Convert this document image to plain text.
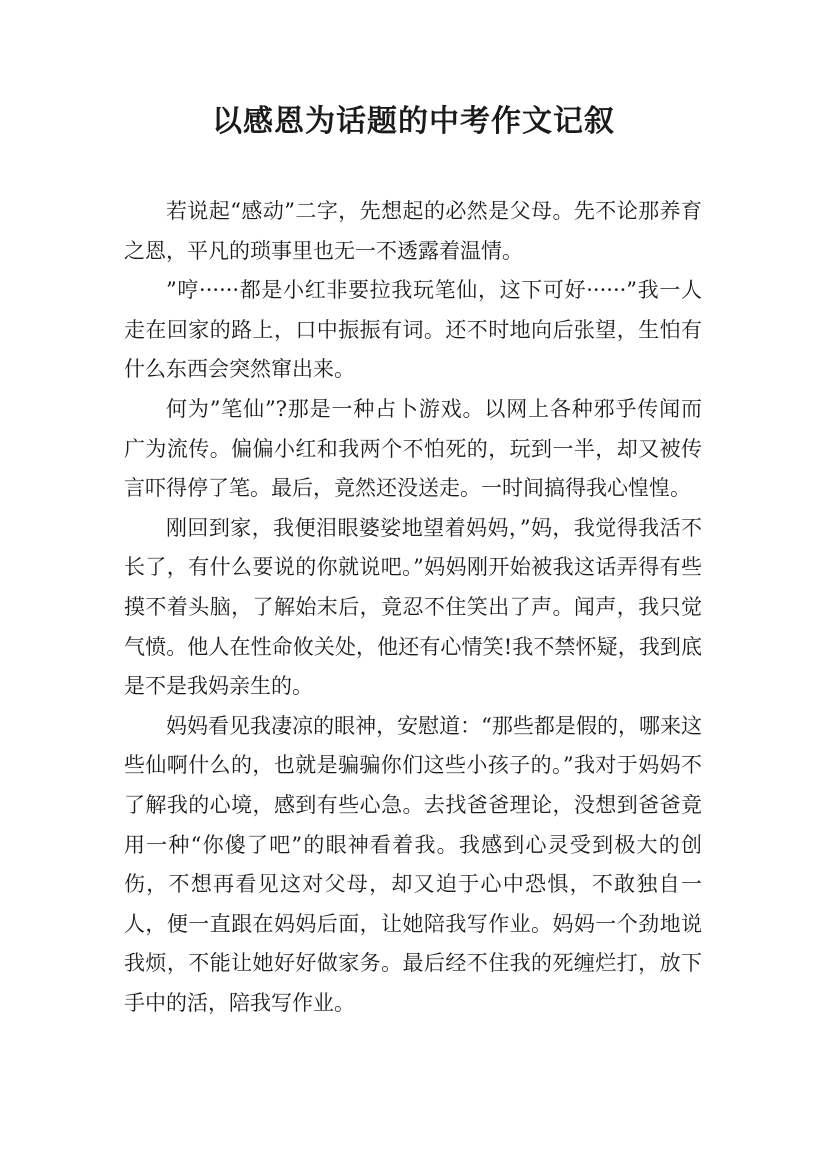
以感恩为话题的中考作文记叙

若说起“感动”二字，先想起的必然是父母。先不论那养育之恩，平凡的琐事里也无一不透露着温情。

”哼······都是小红非要拉我玩笔仙，这下可好······”我一人走在回家的路上，口中振振有词。还不时地向后张望，生怕有什么东西会突然窜出来。

何为”笔仙”?那是一种占卜游戏。以网上各种邪乎传闻而广为流传。偏偏小红和我两个不怕死的，玩到一半，却又被传言吓得停了笔。最后，竟然还没送走。一时间搞得我心惶惶。

刚回到家，我便泪眼婆娑地望着妈妈，”妈，我觉得我活不长了，有什么要说的你就说吧。”妈妈刚开始被我这话弄得有些摸不着头脑，了解始末后，竟忍不住笑出了声。闻声，我只觉气愤。他人在性命攸关处，他还有心情笑!我不禁怀疑，我到底是不是我妈亲生的。

妈妈看见我凄凉的眼神，安慰道：“那些都是假的，哪来这些仙啊什么的，也就是骗骗你们这些小孩子的。”我对于妈妈不了解我的心境，感到有些心急。去找爸爸理论，没想到爸爸竟用一种“你傻了吧”的眼神看着我。我感到心灵受到极大的创伤，不想再看见这对父母，却又迫于心中恐惧，不敢独自一人，便一直跟在妈妈后面，让她陪我写作业。妈妈一个劲地说我烦，不能让她好好做家务。最后经不住我的死缠烂打，放下手中的活，陪我写作业。
